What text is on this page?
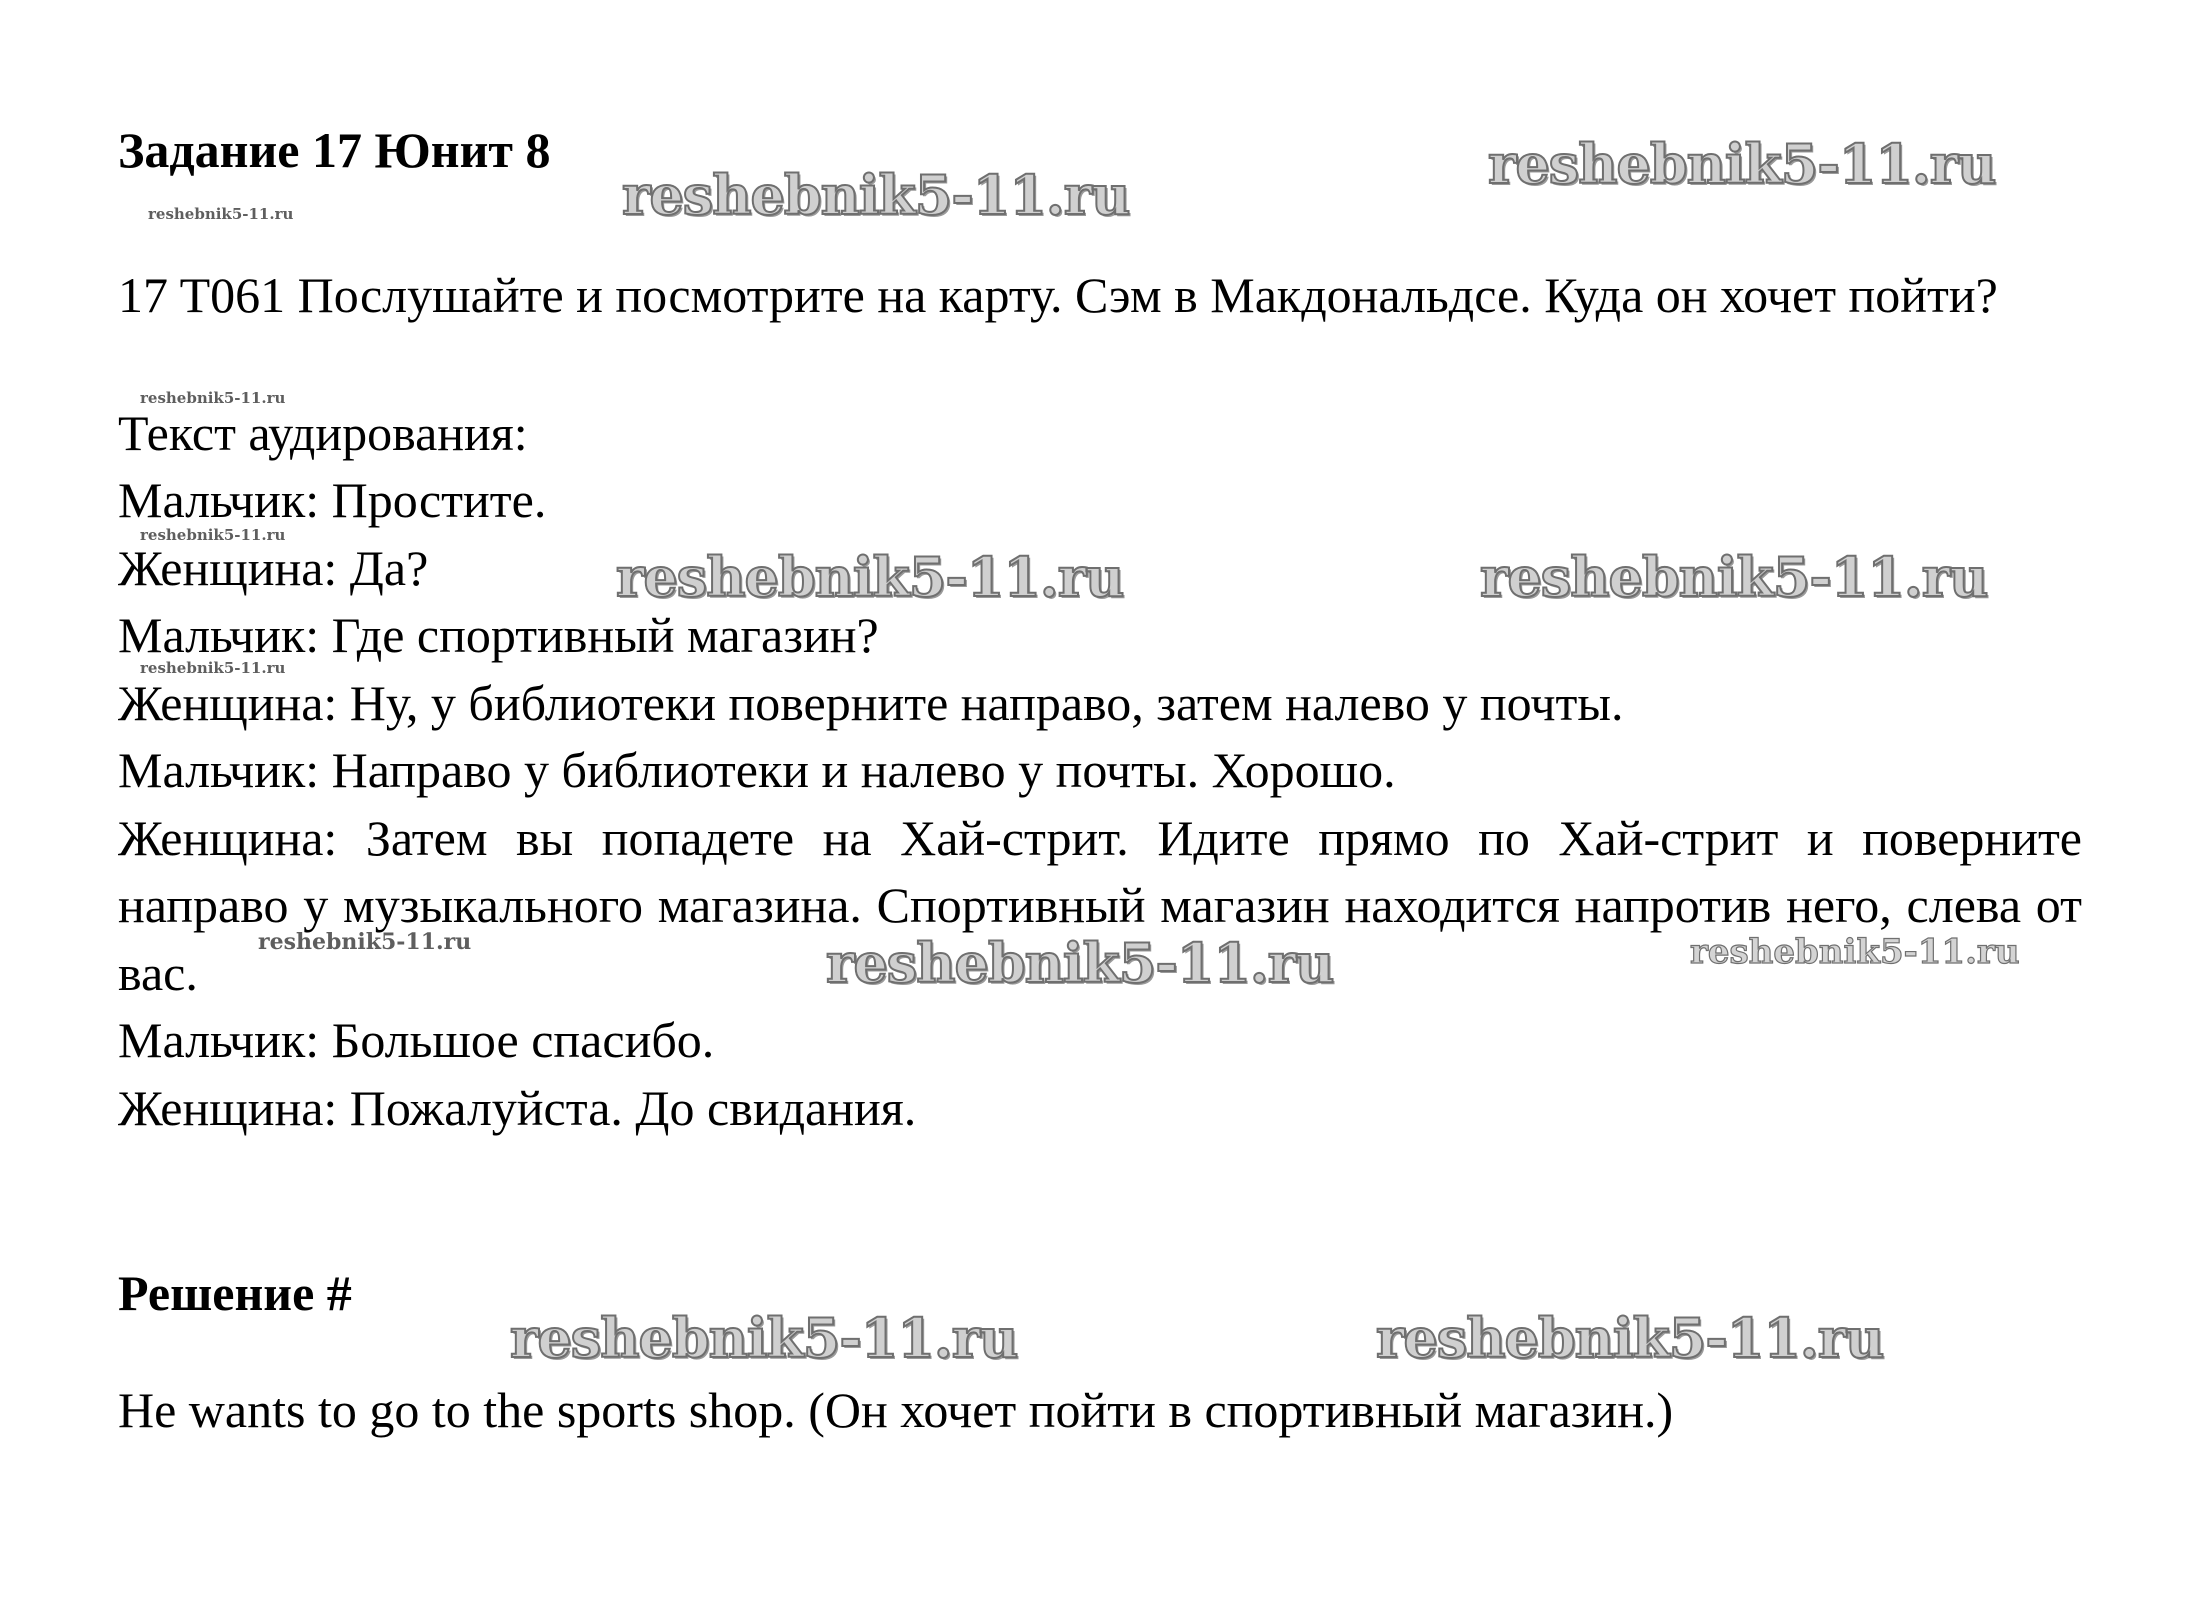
reshebnik5-11.ru	reshebnik5-11.ru
reshebnik5-11.ru
reshebnik5-11.ru
reshebnik5-11.ru
reshebnik5-11.ru	reshebnik5-11.ru
reshebnik5-11.ru
reshebnik5-11.ru	reshebnik5-11.ru	reshebnik5-11.ru
reshebnik5-11.ru	reshebnik5-11.ru
Задание 17 Юнит 8
17 T061 Послушайте и посмотрите на карту. Сэм в Макдональдсе. Куда он хочет пойти?
Текст аудирования:
Мальчик: Простите.
Женщина: Да?
Мальчик: Где спортивный магазин?
Женщина: Ну, у библиотеки поверните направо, затем налево у почты.
Мальчик: Направо у библиотеки и налево у почты. Хорошо.
Женщина: Затем вы попадете на Хай-стрит. Идите прямо по Хай-стрит и поверните направо у музыкального магазина. Спортивный магазин находится напротив него, слева от вас.
Мальчик: Большое спасибо.
Женщина: Пожалуйста. До свидания.
Решение #
He wants to go to the sports shop. (Он хочет пойти в спортивный магазин.)
